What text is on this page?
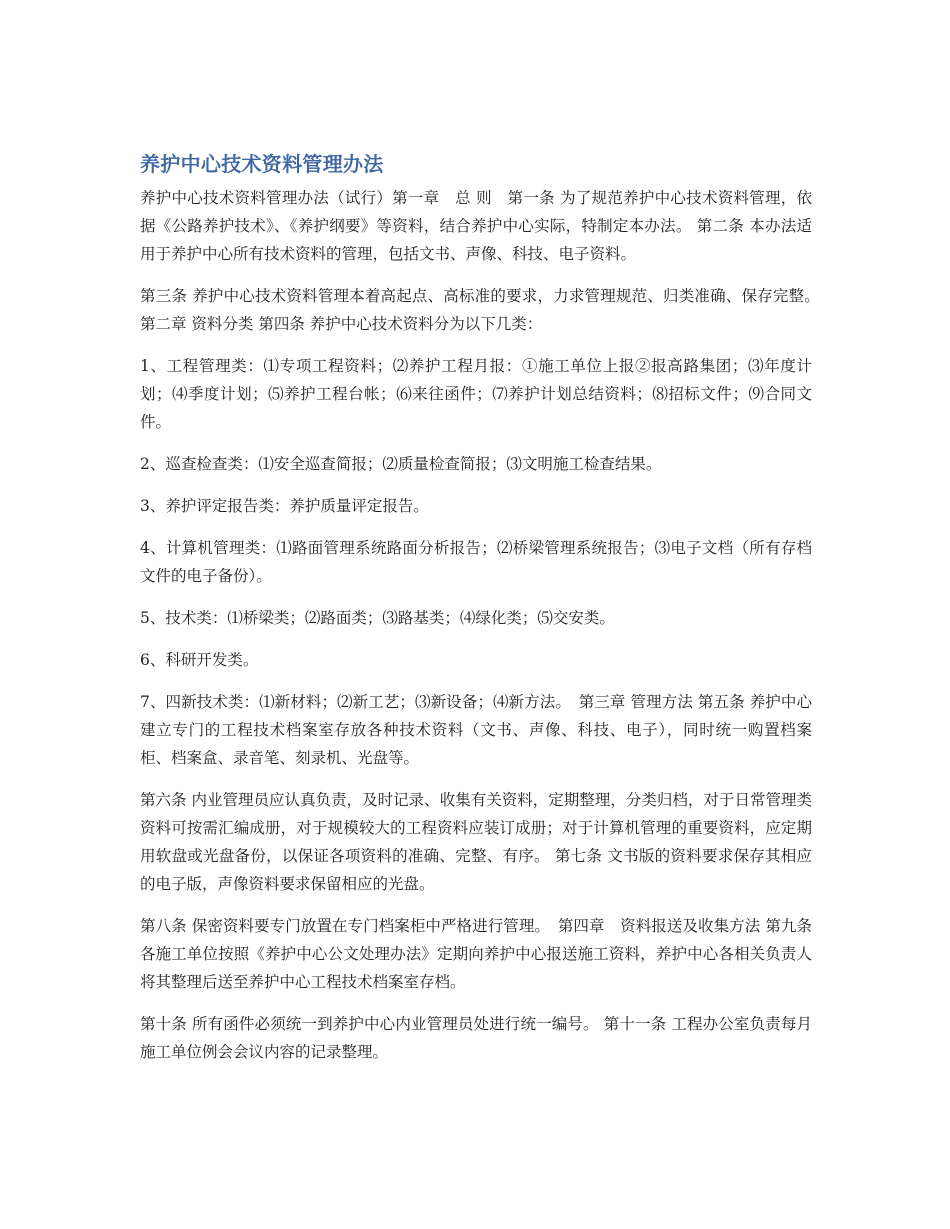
养护中心技术资料管理办法

养护中心技术资料管理办法（试行）第一章　总 则　第一条 为了规范养护中心技术资料管理，依据《公路养护技术》、《养护纲要》等资料，结合养护中心实际，特制定本办法。 第二条 本办法适用于养护中心所有技术资料的管理，包括文书、声像、科技、电子资料。

第三条 养护中心技术资料管理本着高起点、高标准的要求，力求管理规范、归类准确、保存完整。　第二章 资料分类 第四条 养护中心技术资料分为以下几类：

1、工程管理类：⑴专项工程资料；⑵养护工程月报：①施工单位上报②报高路集团；⑶年度计划；⑷季度计划；⑸养护工程台帐；⑹来往函件；⑺养护计划总结资料；⑻招标文件；⑼合同文件。

2、巡查检查类：⑴安全巡查简报；⑵质量检查简报；⑶文明施工检查结果。

3、养护评定报告类：养护质量评定报告。

4、计算机管理类：⑴路面管理系统路面分析报告；⑵桥梁管理系统报告；⑶电子文档（所有存档文件的电子备份）。

5、技术类：⑴桥梁类；⑵路面类；⑶路基类；⑷绿化类；⑸交安类。

6、科研开发类。

7、四新技术类：⑴新材料；⑵新工艺；⑶新设备；⑷新方法。　第三章 管理方法 第五条 养护中心建立专门的工程技术档案室存放各种技术资料（文书、声像、科技、电子），同时统一购置档案柜、档案盒、录音笔、刻录机、光盘等。

第六条 内业管理员应认真负责，及时记录、收集有关资料，定期整理，分类归档，对于日常管理类资料可按需汇编成册，对于规模较大的工程资料应装订成册；对于计算机管理的重要资料，应定期用软盘或光盘备份，以保证各项资料的准确、完整、有序。 第七条 文书版的资料要求保存其相应的电子版，声像资料要求保留相应的光盘。

第八条 保密资料要专门放置在专门档案柜中严格进行管理。　第四章　资料报送及收集方法 第九条 各施工单位按照《养护中心公文处理办法》定期向养护中心报送施工资料，养护中心各相关负责人将其整理后送至养护中心工程技术档案室存档。

第十条 所有函件必须统一到养护中心内业管理员处进行统一编号。 第十一条 工程办公室负责每月施工单位例会会议内容的记录整理。
